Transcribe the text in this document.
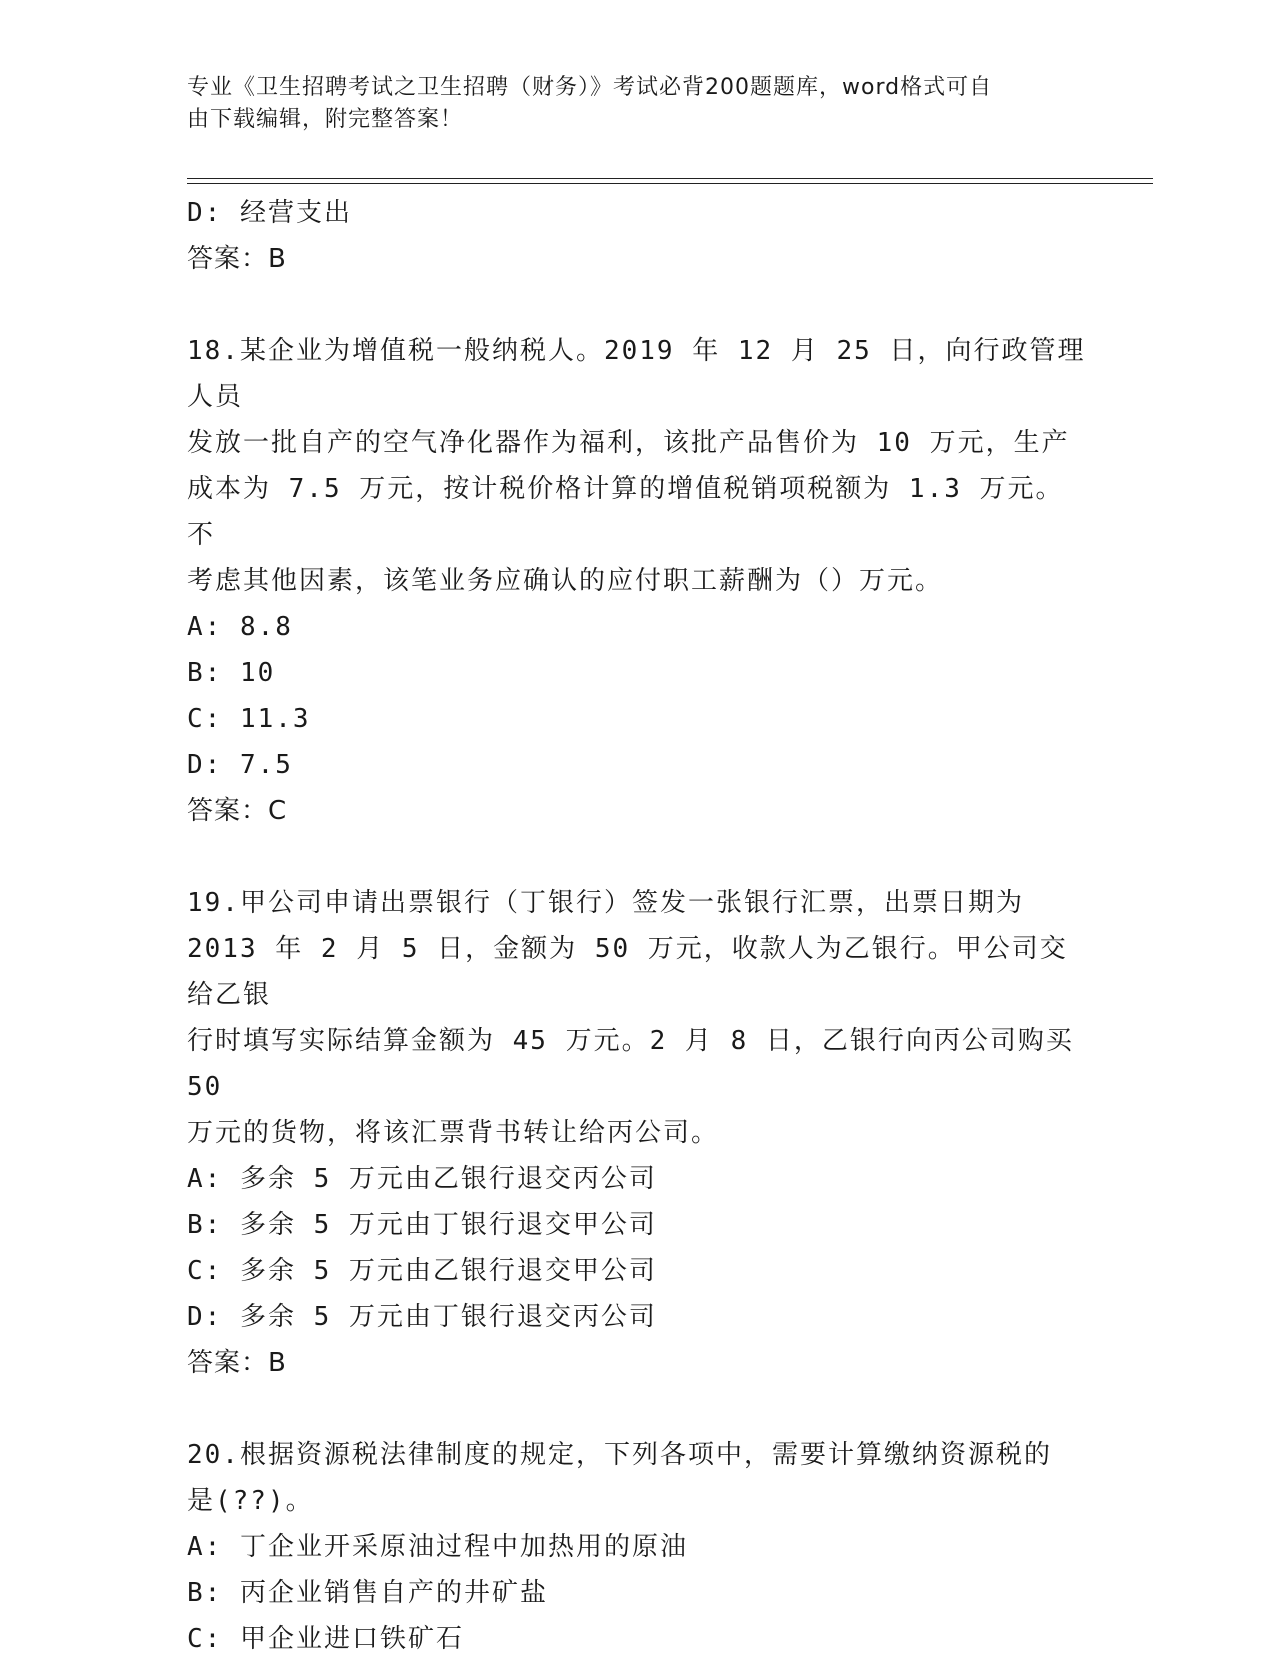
专业《卫生招聘考试之卫生招聘（财务）》考试必背200题题库，word格式可自
由下载编辑，附完整答案！

D: 经营支出

答案：B

18.某企业为增值税一般纳税人。2019 年 12 月 25 日，向行政管理人员

发放一批自产的空气净化器作为福利，该批产品售价为 10 万元，生产

成本为 7.5 万元，按计税价格计算的增值税销项税额为 1.3 万元。不

考虑其他因素，该笔业务应确认的应付职工薪酬为（）万元。

A: 8.8

B: 10

C: 11.3

D: 7.5

答案：C

19.甲公司申请出票银行（丁银行）签发一张银行汇票，出票日期为

2013 年 2 月 5 日，金额为 50 万元，收款人为乙银行。甲公司交给乙银

行时填写实际结算金额为 45 万元。2 月 8 日，乙银行向丙公司购买 50

万元的货物，将该汇票背书转让给丙公司。

A: 多余 5 万元由乙银行退交丙公司

B: 多余 5 万元由丁银行退交甲公司

C: 多余 5 万元由乙银行退交甲公司

D: 多余 5 万元由丁银行退交丙公司

答案：B

20.根据资源税法律制度的规定，下列各项中，需要计算缴纳资源税的

是(??)。

A: 丁企业开采原油过程中加热用的原油

B: 丙企业销售自产的井矿盐

C: 甲企业进口铁矿石
